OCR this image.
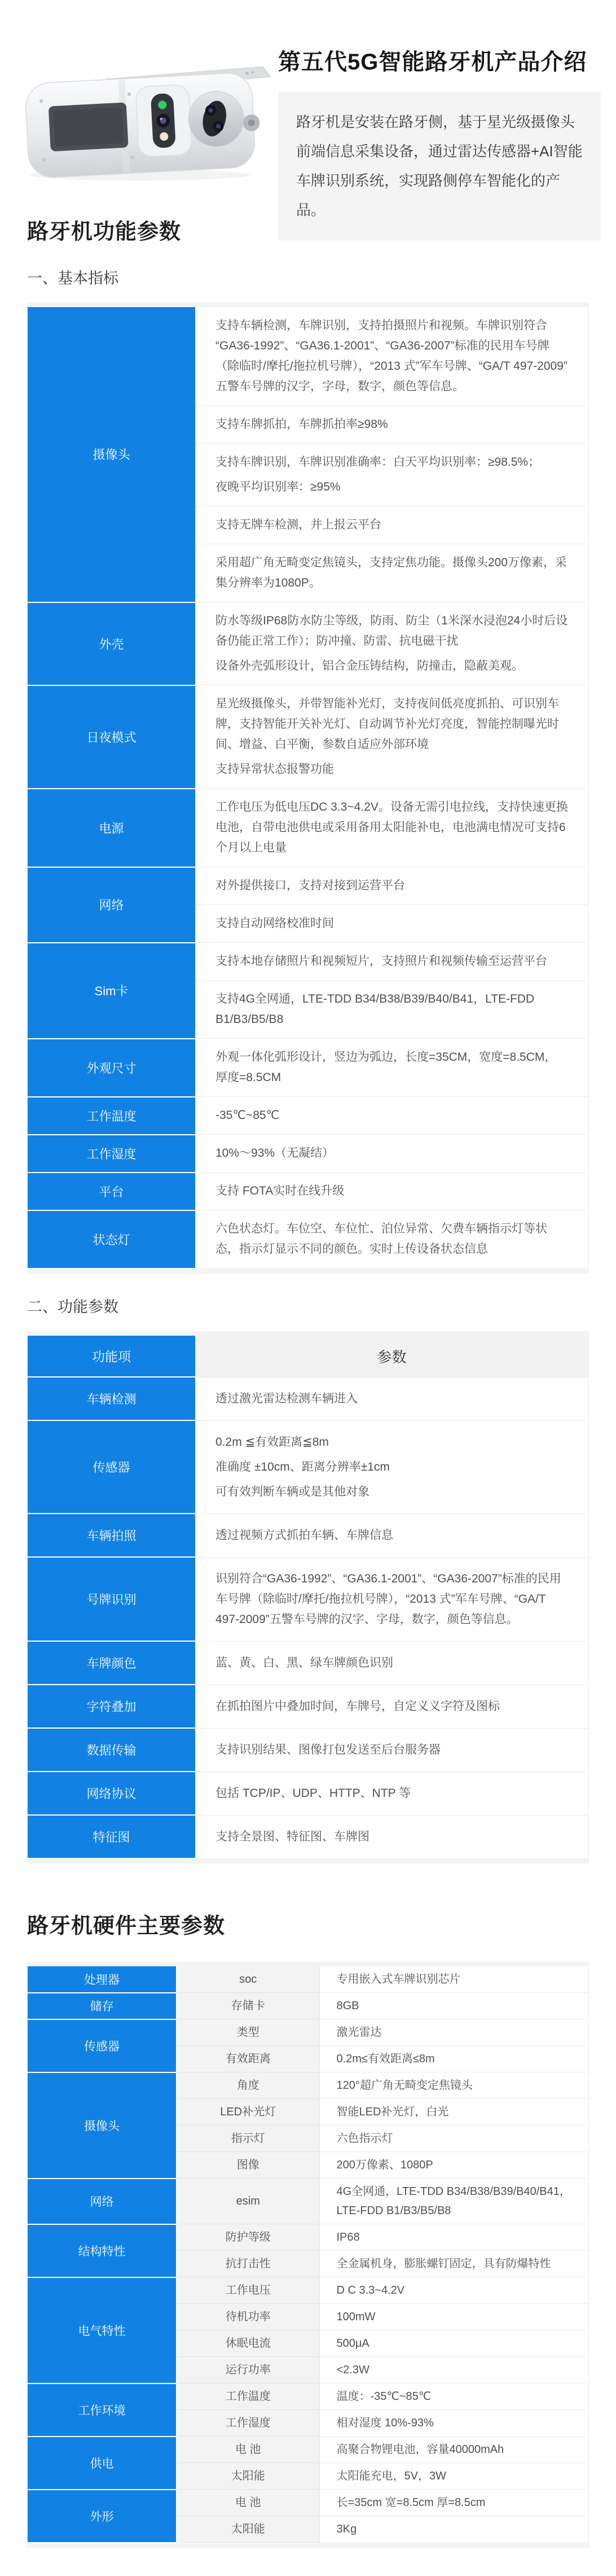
第五代5G智能路牙机产品介绍
路牙机是安装在路牙侧，基于星光级摄像头前端信息采集设备，通过雷达传感器+AI智能车牌识别系统，实现路侧停车智能化的产品。
路牙机功能参数
一、基本指标
摄像头	支持车辆检测，车牌识别，支持拍摄照片和视频。车牌识别符合“GA36-1992”、“GA36.1-2001”、“GA36-2007”标准的民用车号牌（除临时/摩托/拖拉机号牌），“2013 式”军车号牌、“GA/T 497-2009”五警车号牌的汉字，字母，数字，颜色等信息。

	支持车牌抓拍，车牌抓拍率≥98%

	支持车牌识别，车牌识别准确率：白天平均识别率：≥98.5%；

夜晚平均识别率：≥95%

	支持无牌车检测，并上报云平台

	采用超广角无畸变定焦镜头，支持定焦功能。摄像头200万像素，采集分辨率为1080P。

外壳	防水等级IP68防水防尘等级，防雨、防尘（1米深水浸泡24小时后设备仍能正常工作）；防冲撞、防雷、抗电磁干扰

设备外壳弧形设计，铝合金压铸结构，防撞击，隐蔽美观。

日夜模式	星光级摄像头，并带智能补光灯，支持夜间低亮度抓拍、可识别车牌，支持智能开关补光灯、自动调节补光灯亮度，智能控制曝光时间、增益、白平衡，参数自适应外部环境

支持异常状态报警功能

电源	工作电压为低电压DC 3.3~4.2V。设备无需引电拉线，支持快速更换电池，自带电池供电或采用备用太阳能补电，电池满电情况可支持6个月以上电量

网络	对外提供接口，支持对接到运营平台

	支持自动网络校准时间

Sim卡	支持本地存储照片和视频短片，支持照片和视频传输至运营平台

	支持4G全网通，LTE-TDD B34/B38/B39/B40/B41，LTE-FDD B1/B3/B5/B8

外观尺寸	外观一体化弧形设计，竖边为弧边，长度=35CM，宽度=8.5CM，厚度=8.5CM

工作温度	-35℃~85℃

工作湿度	10%～93%（无凝结）

平台	支持 FOTA实时在线升级

状态灯	六色状态灯。车位空、车位忙、泊位异常、欠费车辆指示灯等状态，指示灯显示不同的颜色。实时上传设备状态信息

二、功能参数
功能项	参数
车辆检测	透过激光雷达检测车辆进入

传感器	0.2m ≦有效距离≦8m

准确度 ±10cm、距离分辨率±1cm

可有效判断车辆或是其他对象

车辆拍照	透过视频方式抓拍车辆、车牌信息

号牌识别	识别符合“GA36-1992”、“GA36.1-2001”、“GA36-2007”标准的民用车号牌（除临时/摩托/拖拉机号牌），“2013 式”军车号牌、“GA/T 497-2009”五警车号牌的汉字、字母，数字，颜色等信息。

车牌颜色	蓝、黄、白、黑、绿车牌颜色识别

字符叠加	在抓拍图片中叠加时间，车牌号，自定义义字符及图标

数据传输	支持识别结果、图像打包发送至后台服务器

网络协议	包括 TCP/IP、UDP、HTTP、NTP 等

特征图	支持全景图、特征图、车牌图

路牙机硬件主要参数
处理器	soc	专用嵌入式车牌识别芯片
储存	存储卡	8GB
传感器	类型	激光雷达
	有效距离	0.2m≤有效距离≤8m
摄像头	角度	120°超广角无畸变定焦镜头
	LED补光灯	智能LED补光灯，白光
	指示灯	六色指示灯
	图像	200万像素、1080P
网络	esim	4G全网通，LTE-TDD B34/B38/B39/B40/B41，LTE-FDD B1/B3/B5/B8
结构特性	防护等级	IP68
	抗打击性	全金属机身，膨胀螺钉固定，具有防爆特性
电气特性	工作电压	D C 3.3~4.2V
	待机功率	100mW
	休眠电流	500μA
	运行功率	<2.3W
工作环境	工作温度	温度：-35℃~85℃
	工作湿度	相对湿度 10%-93%
供电	电 池	高聚合物锂电池，容量40000mAh
	太阳能	太阳能充电，5V，3W
外形	电 池	长=35cm 宽=8.5cm 厚=8.5cm
	太阳能	3Kg
